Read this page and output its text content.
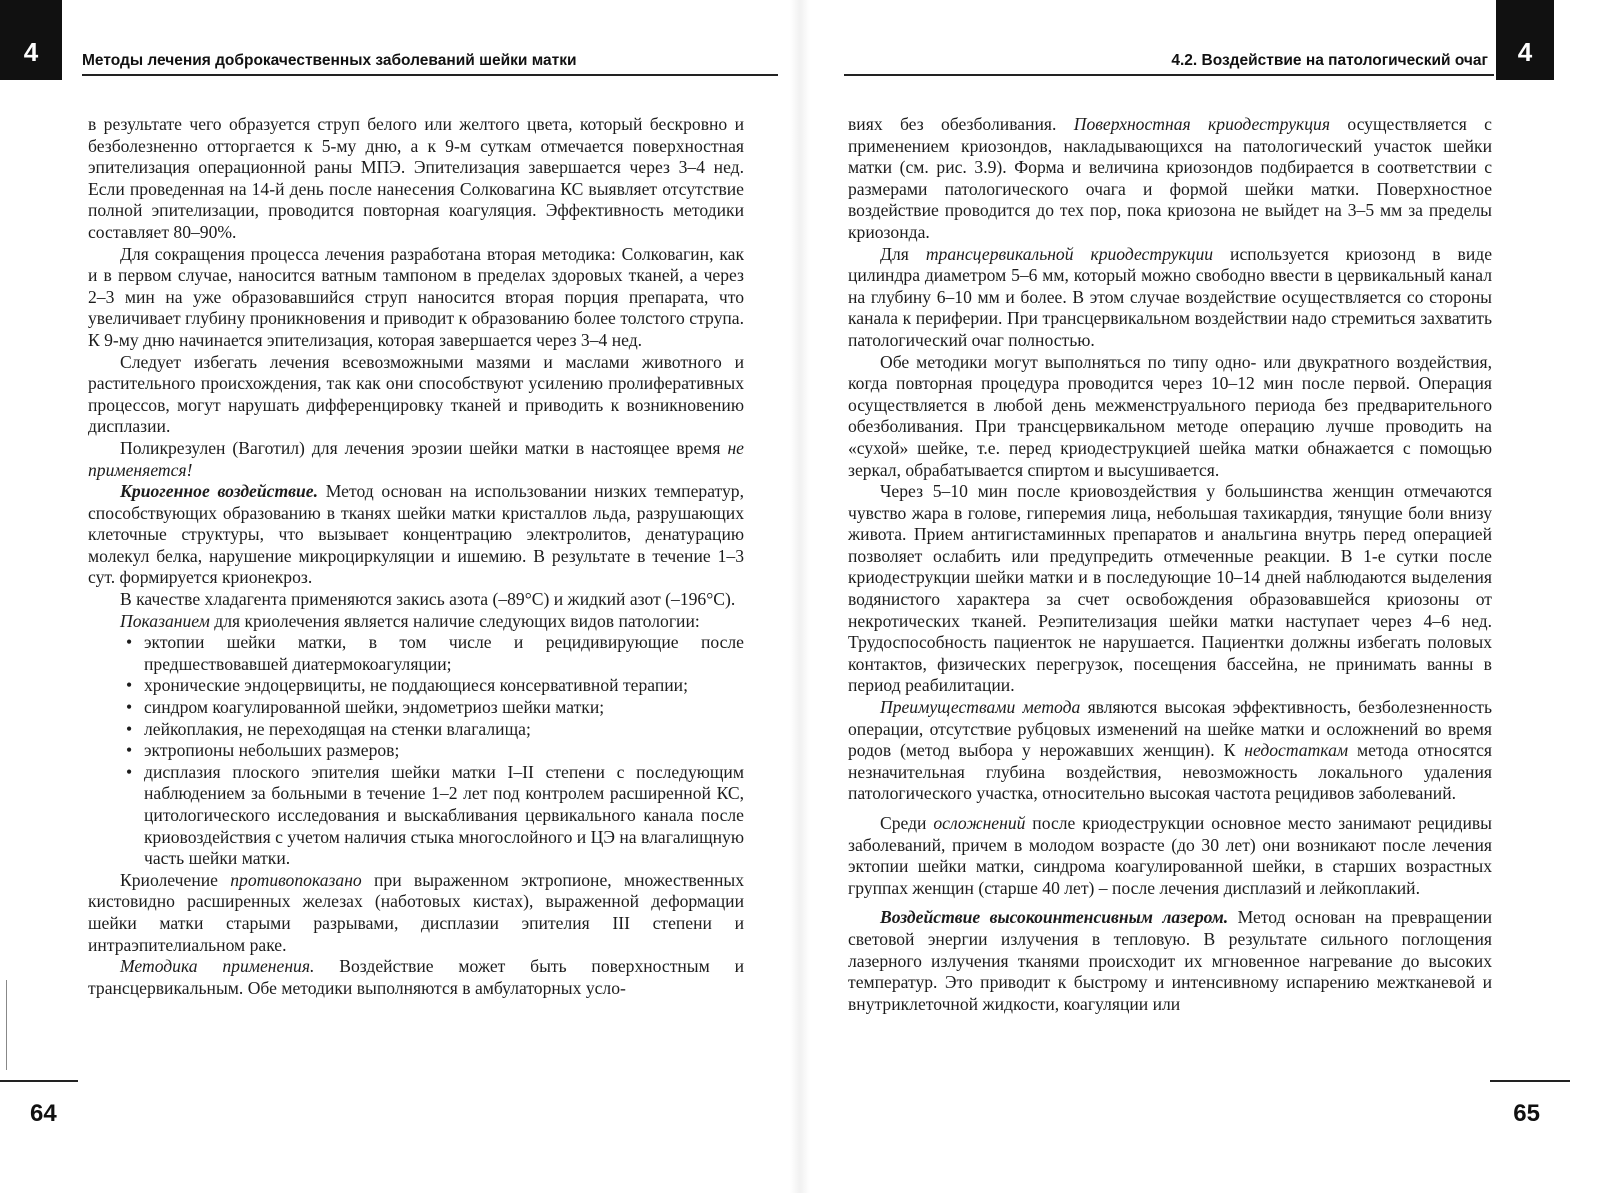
4	Методы лечения доброкачественных заболеваний шейки матки

в результате чего образуется струп белого или желтого цвета, который бескровно и безболезненно отторгается к 5-му дню, а к 9-м суткам отмечается поверхностная эпителизация операционной раны МПЭ. Эпителизация завершается через 3–4 нед. Если проведенная на 14-й день после нанесения Солковагина КС выявляет отсутствие полной эпителизации, проводится повторная коагуляция. Эффективность методики составляет 80–90%.

Для сокращения процесса лечения разработана вторая методика: Солковагин, как и в первом случае, наносится ватным тампоном в пределах здоровых тканей, а через 2–3 мин на уже образовавшийся струп наносится вторая порция препарата, что увеличивает глубину проникновения и приводит к образованию более толстого струпа. К 9-му дню начинается эпителизация, которая завершается через 3–4 нед.

Следует избегать лечения всевозможными мазями и маслами животного и растительного происхождения, так как они способствуют усилению пролиферативных процессов, могут нарушать дифференцировку тканей и приводить к возникновению дисплазии.

Поликрезулен (Ваготил) для лечения эрозии шейки матки в настоящее время не применяется!

Криогенное воздействие. Метод основан на использовании низких температур, способствующих образованию в тканях шейки матки кристаллов льда, разрушающих клеточные структуры, что вызывает концентрацию электролитов, денатурацию молекул белка, нарушение микроциркуляции и ишемию. В результате в течение 1–3 сут. формируется крионекроз.

В качестве хладагента применяются закись азота (–89°С) и жидкий азот (–196°С).

Показанием для криолечения является наличие следующих видов патологии:

• эктопии шейки матки, в том числе и рецидивирующие после предшествовавшей диатермокоагуляции;
• хронические эндоцервициты, не поддающиеся консервативной терапии;
• синдром коагулированной шейки, эндометриоз шейки матки;
• лейкоплакия, не переходящая на стенки влагалища;
• эктропионы небольших размеров;
• дисплазия плоского эпителия шейки матки I–II степени с последующим наблюдением за больными в течение 1–2 лет под контролем расширенной КС, цитологического исследования и выскабливания цервикального канала после криовоздействия с учетом наличия стыка многослойного и ЦЭ на влагалищную часть шейки матки.

Криолечение противопоказано при выраженном эктропионе, множественных кистовидно расширенных железах (наботовых кистах), выраженной деформации шейки матки старыми разрывами, дисплазии эпителия III степени и интраэпителиальном раке.

Методика применения. Воздействие может быть поверхностным и трансцервикальным. Обе методики выполняются в амбулаторных усло-

64
4.2. Воздействие на патологический очаг	4

виях без обезболивания. Поверхностная криодеструкция осуществляется с применением криозондов, накладывающихся на патологический участок шейки матки (см. рис. 3.9). Форма и величина криозондов подбирается в соответствии с размерами патологического очага и формой шейки матки. Поверхностное воздействие проводится до тех пор, пока криозона не выйдет на 3–5 мм за пределы криозонда.

Для трансцервикальной криодеструкции используется криозонд в виде цилиндра диаметром 5–6 мм, который можно свободно ввести в цервикальный канал на глубину 6–10 мм и более. В этом случае воздействие осуществляется со стороны канала к периферии. При трансцервикальном воздействии надо стремиться захватить патологический очаг полностью.

Обе методики могут выполняться по типу одно- или двукратного воздействия, когда повторная процедура проводится через 10–12 мин после первой. Операция осуществляется в любой день межменструального периода без предварительного обезболивания. При трансцервикальном методе операцию лучше проводить на «сухой» шейке, т.е. перед криодеструкцией шейка матки обнажается с помощью зеркал, обрабатывается спиртом и высушивается.

Через 5–10 мин после криовоздействия у большинства женщин отмечаются чувство жара в голове, гиперемия лица, небольшая тахикардия, тянущие боли внизу живота. Прием антигистаминных препаратов и анальгина внутрь перед операцией позволяет ослабить или предупредить отмеченные реакции. В 1-е сутки после криодеструкции шейки матки и в последующие 10–14 дней наблюдаются выделения водянистого характера за счет освобождения образовавшейся криозоны от некротических тканей. Реэпителизация шейки матки наступает через 4–6 нед. Трудоспособность пациенток не нарушается. Пациентки должны избегать половых контактов, физических перегрузок, посещения бассейна, не принимать ванны в период реабилитации.

Преимуществами метода являются высокая эффективность, безболезненность операции, отсутствие рубцовых изменений на шейке матки и осложнений во время родов (метод выбора у нерожавших женщин). К недостаткам метода относятся незначительная глубина воздействия, невозможность локального удаления патологического участка, относительно высокая частота рецидивов заболеваний.

Среди осложнений после криодеструкции основное место занимают рецидивы заболеваний, причем в молодом возрасте (до 30 лет) они возникают после лечения эктопии шейки матки, синдрома коагулированной шейки, в старших возрастных группах женщин (старше 40 лет) – после лечения дисплазий и лейкоплакий.

Воздействие высокоинтенсивным лазером. Метод основан на превращении световой энергии излучения в тепловую. В результате сильного поглощения лазерного излучения тканями происходит их мгновенное нагревание до высоких температур. Это приводит к быстрому и интенсивному испарению межтканевой и внутриклеточной жидкости, коагуляции или

65
